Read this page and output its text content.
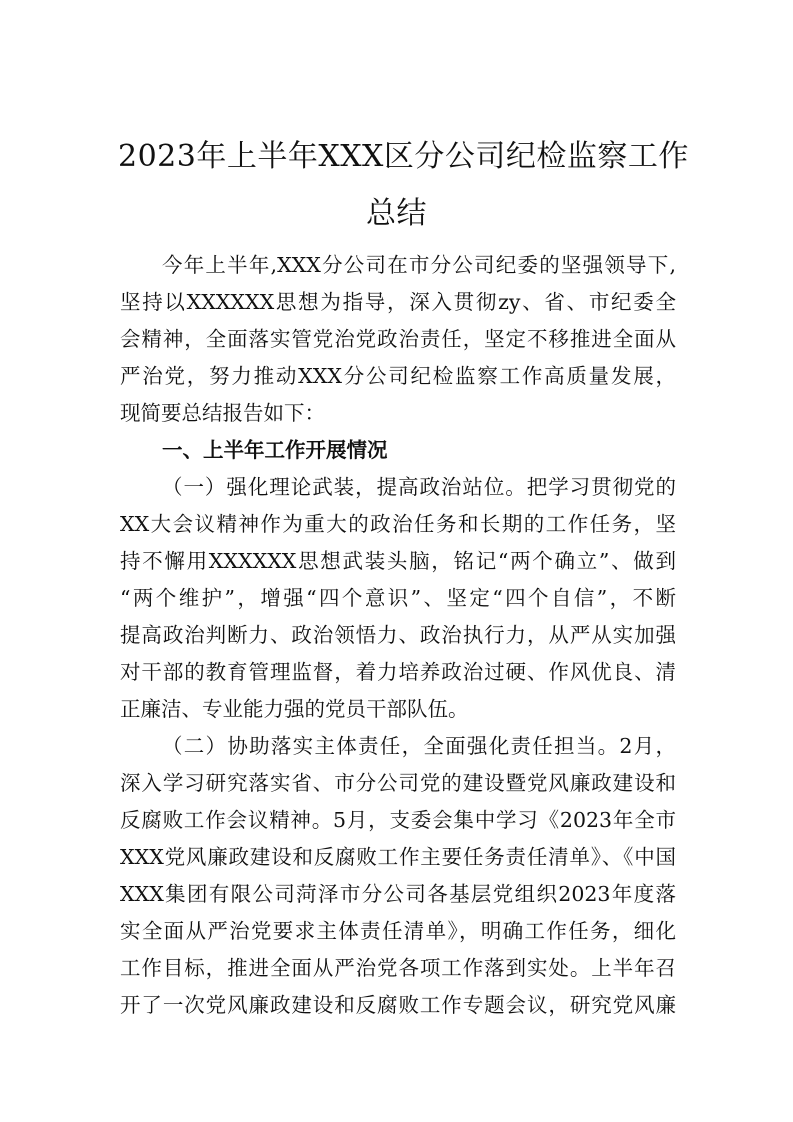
2023年上半年XXX区分公司纪检监察工作
总结
今年上半年,XXX分公司在市分公司纪委的坚强领导下,
坚持以XXXXXX思想为指导，深入贯彻zy、省、市纪委全
会精神，全面落实管党治党政治责任，坚定不移推进全面从
严治党，努力推动XXX分公司纪检监察工作高质量发展，
现简要总结报告如下：
一、上半年工作开展情况
（一）强化理论武装，提高政治站位。把学习贯彻党的
XX大会议精神作为重大的政治任务和长期的工作任务，坚
持不懈用XXXXXX思想武装头脑，铭记“两个确立”、做到
“两个维护”，增强“四个意识”、坚定“四个自信”，不断
提高政治判断力、政治领悟力、政治执行力，从严从实加强
对干部的教育管理监督，着力培养政治过硬、作风优良、清
正廉洁、专业能力强的党员干部队伍。
（二）协助落实主体责任，全面强化责任担当。2月，
深入学习研究落实省、市分公司党的建设暨党风廉政建设和
反腐败工作会议精神。5月，支委会集中学习《2023年全市
XXX党风廉政建设和反腐败工作主要任务责任清单》、《中国
XXX集团有限公司菏泽市分公司各基层党组织2023年度落
实全面从严治党要求主体责任清单》，明确工作任务，细化
工作目标，推进全面从严治党各项工作落到实处。上半年召
开了一次党风廉政建设和反腐败工作专题会议，研究党风廉
